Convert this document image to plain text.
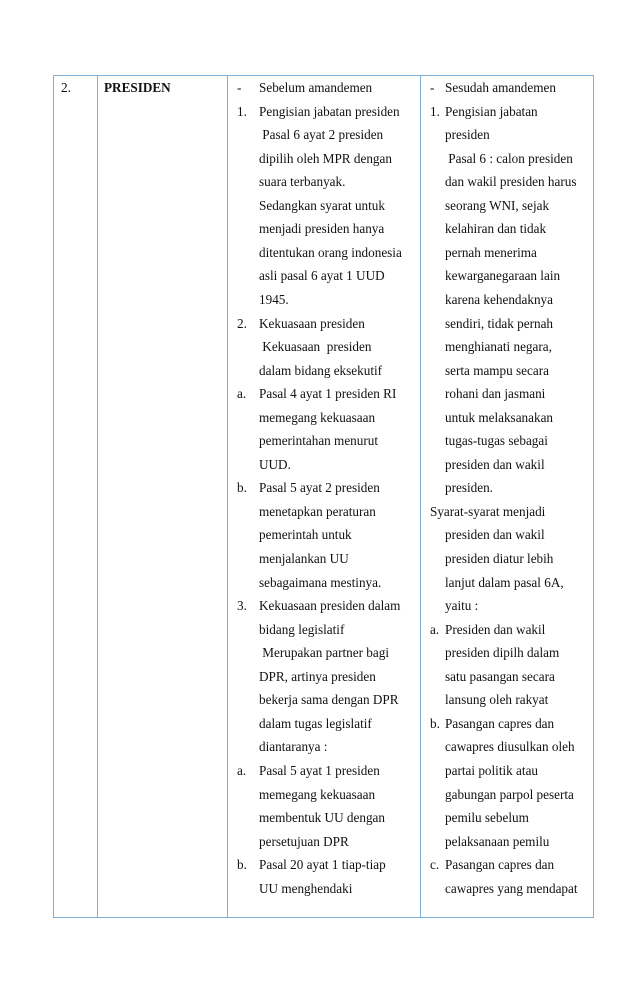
2.	PRESIDEN	- Sebelum amandemen
1. Pengisian jabatan presiden
Pasal 6 ayat 2 presiden
dipilih oleh MPR dengan
suara terbanyak.
Sedangkan syarat untuk
menjadi presiden hanya
ditentukan orang indonesia
asli pasal 6 ayat 1 UUD
1945.
2. Kekuasaan presiden
Kekuasaan  presiden
dalam bidang eksekutif
a. Pasal 4 ayat 1 presiden RI
memegang kekuasaan
pemerintahan menurut
UUD.
b. Pasal 5 ayat 2 presiden
menetapkan peraturan
pemerintah untuk
menjalankan UU
sebagaimana mestinya.
3. Kekuasaan presiden dalam
bidang legislatif
Merupakan partner bagi
DPR, artinya presiden
bekerja sama dengan DPR
dalam tugas legislatif
diantaranya :
a. Pasal 5 ayat 1 presiden
memegang kekuasaan
membentuk UU dengan
persetujuan DPR
b. Pasal 20 ayat 1 tiap-tiap
UU menghendaki
- Sesudah amandemen
1. Pengisian jabatan
presiden
Pasal 6 : calon presiden
dan wakil presiden harus
seorang WNI, sejak
kelahiran dan tidak
pernah menerima
kewarganegaraan lain
karena kehendaknya
sendiri, tidak pernah
menghianati negara,
serta mampu secara
rohani dan jasmani
untuk melaksanakan
tugas-tugas sebagai
presiden dan wakil
presiden.
Syarat-syarat menjadi
presiden dan wakil
presiden diatur lebih
lanjut dalam pasal 6A,
yaitu :
a. Presiden dan wakil
presiden dipilh dalam
satu pasangan secara
lansung oleh rakyat
b. Pasangan capres dan
cawapres diusulkan oleh
partai politik atau
gabungan parpol peserta
pemilu sebelum
pelaksanaan pemilu
c. Pasangan capres dan
cawapres yang mendapat
